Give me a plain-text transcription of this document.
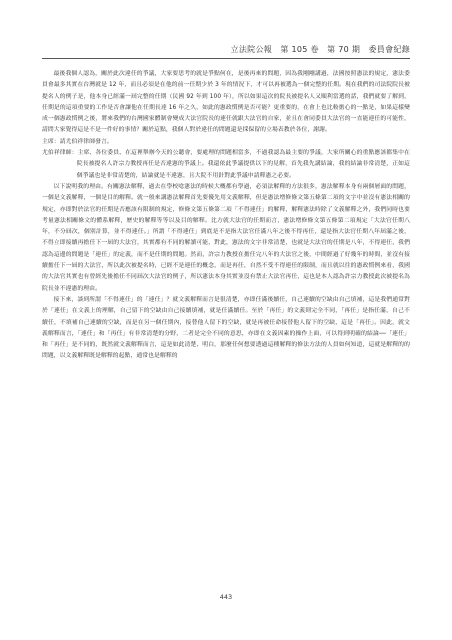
立法院公報　第 105 卷　第 70 期　委員會紀錄

最後我個人認為，關於此次違任的爭議，大家要思考的就是爭點何在，是後再來的問題，因為我剛剛講過，法國按照憲法的規定，憲法委員會最多其實在台灣就是 12 年，而且必須是在他的前一任期少於 3 年的情況下，才可以再被選為一個完整的任期。現在我們的司法院院長被提名人的例子是，他本身已經滿一屆完整的任期（民國 92 年到 100 年），所以如果這次的院長被提名人又順利當選的話，我們就要了解到，任期是的這項重要的工作是否會讓他在任期長達 16 年之久，如此的憲政慣例是否可能？更重要的，在會上也比較擔心的一點是，如果這樣變成一個憲政慣例之後，將來我們的台灣國家體制會變成大法官院長的連任就跟大法官的自家，並且在會同委員大法官的一直能連任的可能性，請問大家覺得這是不是一件好的事情？關於這點，我個人對於違任的問題還是採保留的立場表教於各位，謝謝。

主席：請尤伯祥律師發言。

尤伯祥律師：主席、各位委員、在這裡舉辦今天的公聽會，要處理的問題相當多，不過我認為最主要的爭議，大家所關心的重點應該都集中在院長被提名人許宗力教授再任是否違憲的爭議上。我還依此爭議提供以下的見解，首先我先講結論，我的結論非常清楚，正如這個爭議也是非常清楚的，結論就是不違憲，且大院不用針對此爭議申請釋憲之必要。

以下說明我的理由。有關憲法解釋，過去在學校唸憲法的時候大概都有學過，必須法解釋的方法很多，憲法解釋本身有兩個層面的問題，一個是文義解釋，一個是目的解釋。就一般來講憲法解釋首先要優先用文義解釋，但是憲法增修條文第五條第二項的文字中並沒有憲法相關的規定，亦即對於法官的任期是否應該有限制的規定，修條文第五條第二項「不得連任」的解釋，解釋憲法時除了文義解釋之外，我們同時也要考量憲法相關條文的體系解釋，歷史的解釋等等以及目的解釋。比方就大法官的任期而言，憲法增修條文第五條第二項規定「大法官任期八年，不分屆次，個別計算，並不得連任。」所謂「不得連任」到底是不是指大法官任滿八年之後不得再任，還是指大法官任期八年屆滿之後，不得立即接續再擔任下一屆的大法官，其實都有不同的解讀可能，對此，憲法的文字非常清楚，也就是大法官的任期是八年，不得連任，我們認為這邊的問題是「連任」的定義，而不是任期的問題。然而，許宗力教授在擔任完八年的大法官之後，中間經過了好幾年的時間，並沒有接續擔任下一屆的大法官，所以此次被提名時，已經不是連任的概念，而是再任，自然不受不得連任的限制，而且就以往的憲政慣例來看，我國的大法官其實也有曾經先後擔任不同屆次大法官的例子，所以憲法本身其實並沒有禁止大法官再任，這也是本人認為許宗力教授此次被提名為院長並不違憲的理由。

接下來，談到所謂「不得連任」的「連任」？就文義解釋而言是很清楚，亦即任滿後續任，自己連續的空缺由自己填補，這是我們通常對於「連任」在文義上的理解，自己留下的空缺由自己接續填補，就是任滿續任。至於「再任」的文義則完全不同，「再任」是指任滿，自己不續任，不填補自己連續的空缺，而是在另一個任期內，接替他人留下的空缺，就是再被任命接替他人留下的空缺，這是「再任」。因此，就文義解釋而言，「連任」和「再任」有非常清楚的分野，二者是完全不同的意思，亦即在文義因素的操作上面，可以得到明確的結論──「連任」和「再任」是不同的，既然就文義解釋而言，這是如此清楚、明白，那麼任何想要透過這種解釋的修法方法的人員如何知道，這就是解釋的的問題，以文義解釋既是解釋的起點，通常也是解釋的

443
